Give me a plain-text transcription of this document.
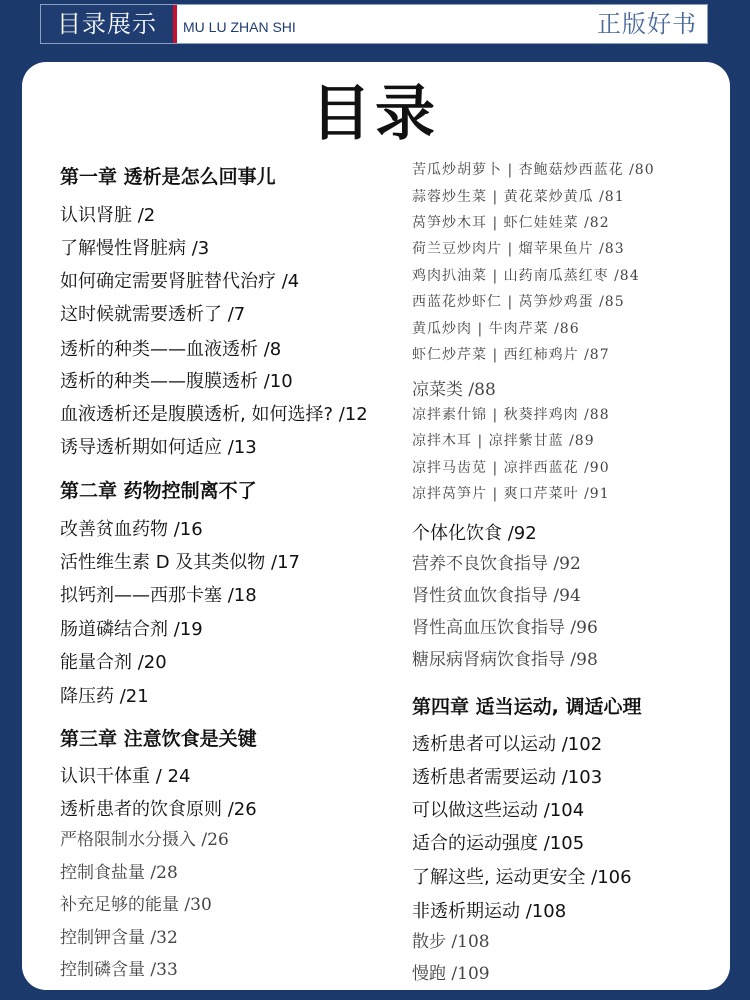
目录展示	MU LU ZHAN SHI	正版好书
目录
第一章 透析是怎么回事儿
认识肾脏 /2
了解慢性肾脏病 /3
如何确定需要肾脏替代治疗 /4
这时候就需要透析了 /7
透析的种类——血液透析 /8
透析的种类——腹膜透析 /10
血液透析还是腹膜透析, 如何选择? /12
诱导透析期如何适应 /13
第二章 药物控制离不了
改善贫血药物 /16
活性维生素 D 及其类似物 /17
拟钙剂——西那卡塞 /18
肠道磷结合剂 /19
能量合剂 /20
降压药 /21
第三章 注意饮食是关键
认识干体重 / 24
透析患者的饮食原则 /26
严格限制水分摄入 /26
控制食盐量 /28
补充足够的能量 /30
控制钾含量 /32
控制磷含量 /33
苦瓜炒胡萝卜 | 杏鲍菇炒西蓝花 /80
蒜蓉炒生菜 | 黄花菜炒黄瓜 /81
莴笋炒木耳 | 虾仁娃娃菜 /82
荷兰豆炒肉片 | 熘苹果鱼片 /83
鸡肉扒油菜 | 山药南瓜蒸红枣 /84
西蓝花炒虾仁 | 莴笋炒鸡蛋 /85
黄瓜炒肉 | 牛肉芹菜 /86
虾仁炒芹菜 | 西红柿鸡片 /87
凉菜类 /88
凉拌素什锦 | 秋葵拌鸡肉 /88
凉拌木耳 | 凉拌紫甘蓝 /89
凉拌马齿苋 | 凉拌西蓝花 /90
凉拌莴笋片 | 爽口芹菜叶 /91
个体化饮食 /92
营养不良饮食指导 /92
肾性贫血饮食指导 /94
肾性高血压饮食指导 /96
糖尿病肾病饮食指导 /98
第四章 适当运动, 调适心理
透析患者可以运动 /102
透析患者需要运动 /103
可以做这些运动 /104
适合的运动强度 /105
了解这些, 运动更安全 /106
非透析期运动 /108
散步 /108
慢跑 /109
